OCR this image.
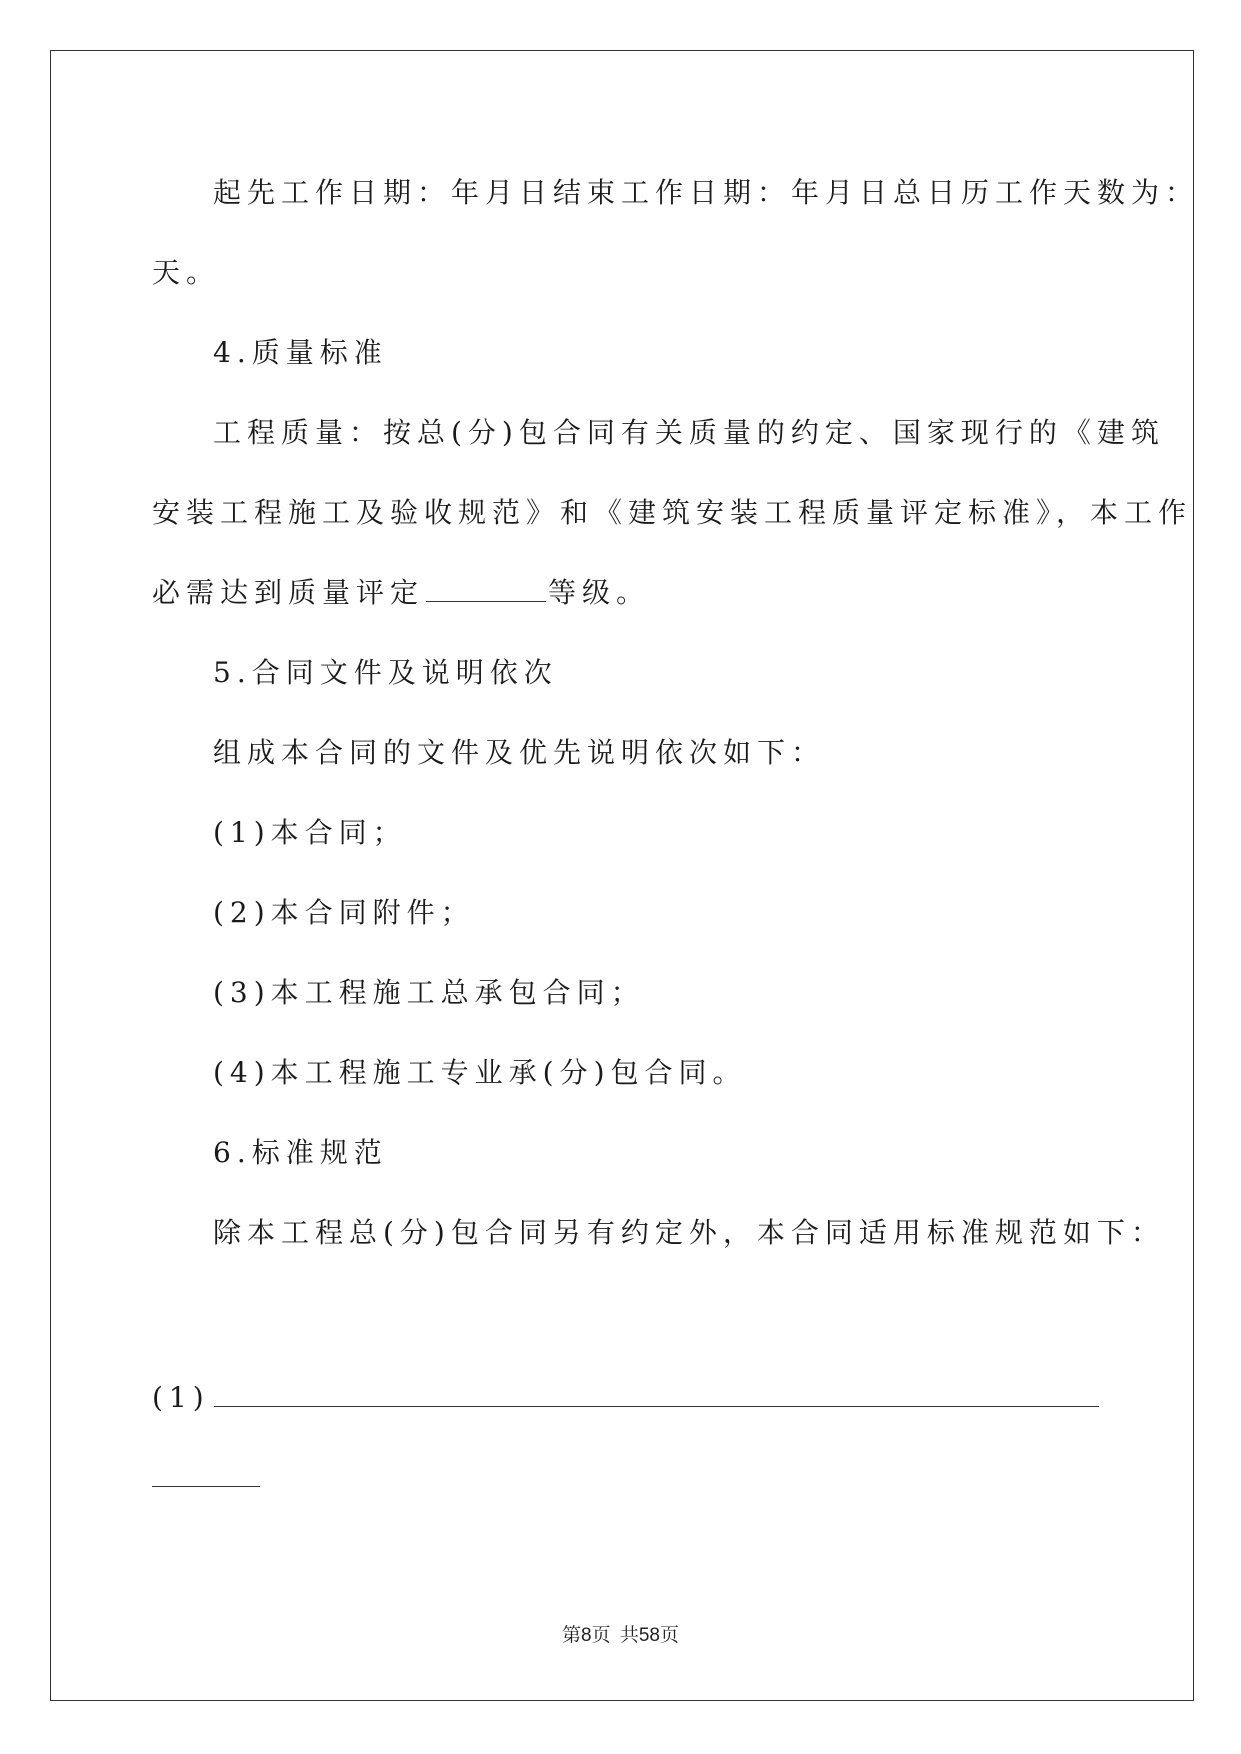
起先工作日期：年月日结束工作日期：年月日总日历工作天数为：
天。
4.质量标准
工程质量：按总(分)包合同有关质量的约定、国家现行的《建筑
安装工程施工及验收规范》和《建筑安装工程质量评定标准》，本工作
必需达到质量评定	等级。
5.合同文件及说明依次
组成本合同的文件及优先说明依次如下：
(1)本合同；
(2)本合同附件；
(3)本工程施工总承包合同；
(4)本工程施工专业承(分)包合同。
6.标准规范
除本工程总(分)包合同另有约定外，本合同适用标准规范如下：
(1)
第8页 共58页
